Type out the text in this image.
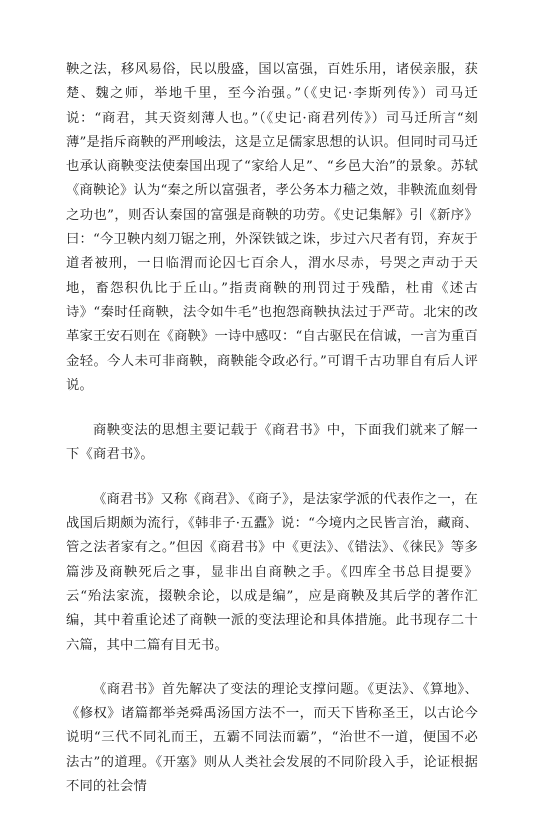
鞅之法，移风易俗，民以殷盛，国以富强，百姓乐用，诸侯亲服，获楚、魏之师，举地千里，至今治强。”（《史记·李斯列传》）司马迁说：“商君，其天资刻薄人也。”（《史记·商君列传》）司马迁所言“刻薄”是指斥商鞅的严刑峻法，这是立足儒家思想的认识。但同时司马迁也承认商鞅变法使秦国出现了“家给人足”、“乡邑大治”的景象。苏轼《商鞅论》认为“秦之所以富强者，孝公务本力穑之效，非鞅流血刻骨之功也”，则否认秦国的富强是商鞅的功劳。《史记集解》引《新序》曰：“今卫鞅内刻刀锯之刑，外深铁钺之诛，步过六尺者有罚，弃灰于道者被刑，一日临渭而论囚七百余人，渭水尽赤，号哭之声动于天地，畜怨积仇比于丘山。”指责商鞅的刑罚过于残酷，杜甫《述古诗》“秦时任商鞅，法令如牛毛”也抱怨商鞅执法过于严苛。北宋的改革家王安石则在《商鞅》一诗中感叹：“自古驱民在信诚，一言为重百金轻。今人未可非商鞅，商鞅能令政必行。”可谓千古功罪自有后人评说。

商鞅变法的思想主要记载于《商君书》中，下面我们就来了解一下《商君书》。

《商君书》又称《商君》、《商子》，是法家学派的代表作之一，在战国后期颇为流行，《韩非子·五蠹》说：“今境内之民皆言治，藏商、管之法者家有之。”但因《商君书》中《更法》、《错法》、《徕民》等多篇涉及商鞅死后之事，显非出自商鞅之手。《四库全书总目提要》云“殆法家流，掇鞅余论，以成是编”，应是商鞅及其后学的著作汇编，其中着重论述了商鞅一派的变法理论和具体措施。此书现存二十六篇，其中二篇有目无书。

《商君书》首先解决了变法的理论支撑问题。《更法》、《算地》、《修权》诸篇都举尧舜禹汤国方法不一，而天下皆称圣王，以古论今说明“三代不同礼而王，五霸不同法而霸”，“治世不一道，便国不必法古”的道理。《开塞》则从人类社会发展的不同阶段入手，论证根据不同的社会情
